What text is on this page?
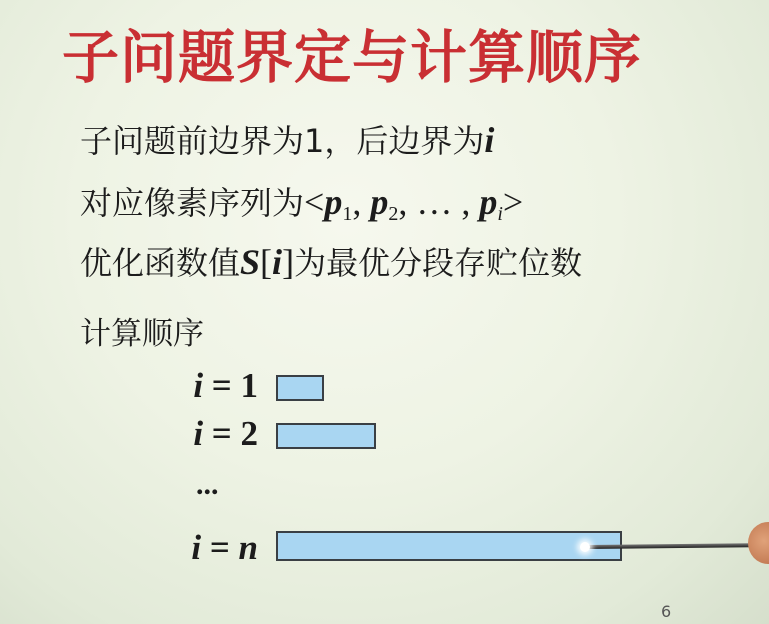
子问题界定与计算顺序
子问题前边界为1，后边界为i
对应像素序列为$<p_1$, $p_2$, … , $p_i>$
优化函数值S[i]为最优分段存贮位数
计算顺序
i = 1
i = 2
...
i = n
6
